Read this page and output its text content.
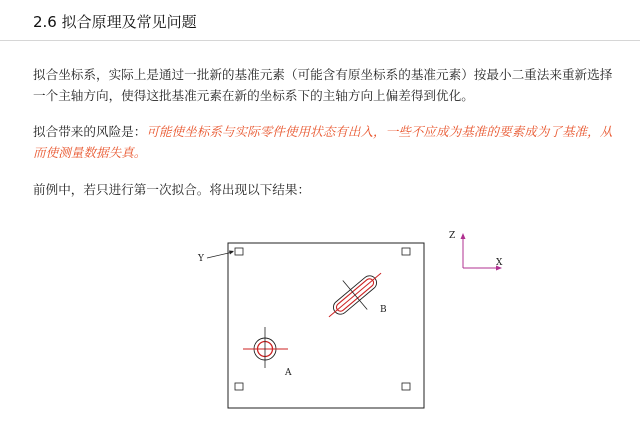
2.6 拟合原理及常见问题
拟合坐标系，实际上是通过一批新的基准元素（可能含有原坐标系的基准元素）按最小二重法来重新选择一个主轴方向，使得这批基准元素在新的坐标系下的主轴方向上偏差得到优化。
拟合带来的风险是：可能使坐标系与实际零件使用状态有出入，一些不应成为基准的要素成为了基准，从而使测量数据失真。
前例中，若只进行第一次拟合。将出现以下结果：
Y
A
B
Z
X
